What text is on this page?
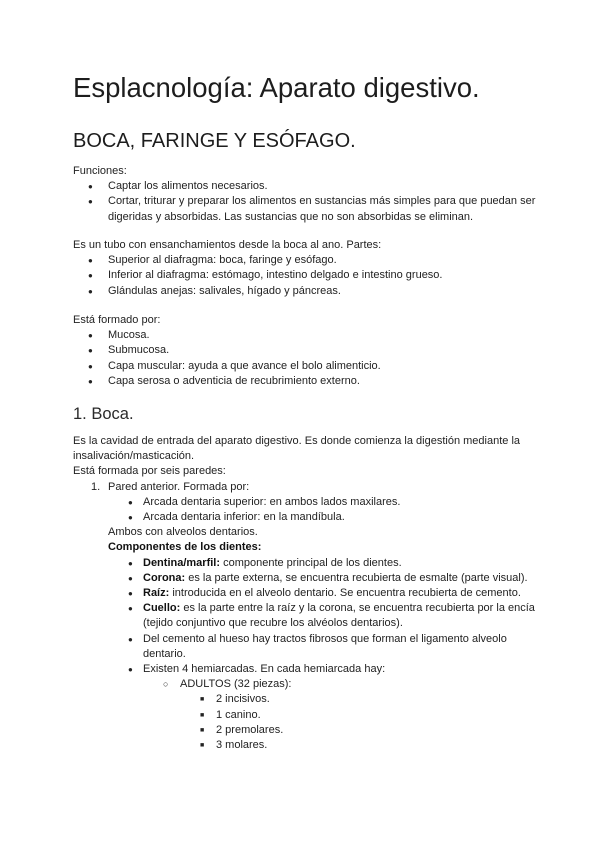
Esplacnología: Aparato digestivo.
BOCA, FARINGE Y ESÓFAGO.

Funciones:

● Captar los alimentos necesarios.
● Cortar, triturar y preparar los alimentos en sustancias más simples para que puedan ser digeridas y absorbidas. Las sustancias que no son absorbidas se eliminan.

Es un tubo con ensanchamientos desde la boca al ano. Partes:

● Superior al diafragma: boca, faringe y esófago.
● Inferior al diafragma: estómago, intestino delgado e intestino grueso.
● Glándulas anejas: salivales, hígado y páncreas.

Está formado por:

● Mucosa.
● Submucosa.
● Capa muscular: ayuda a que avance el bolo alimenticio.
● Capa serosa o adventicia de recubrimiento externo.
1. Boca.

Es la cavidad de entrada del aparato digestivo. Es donde comienza la digestión mediante la insalivación/masticación.

Está formada por seis paredes:

1. Pared anterior. Formada por:
● Arcada dentaria superior: en ambos lados maxilares.
● Arcada dentaria inferior: en la mandíbula.

Ambos con alveolos dentarios.

Componentes de los dientes:

● Dentina/marfil: componente principal de los dientes.
● Corona: es la parte externa, se encuentra recubierta de esmalte (parte visual).
● Raíz: introducida en el alveolo dentario. Se encuentra recubierta de cemento.
● Cuello: es la parte entre la raíz y la corona, se encuentra recubierta por la encía (tejido conjuntivo que recubre los alvéolos dentarios).
● Del cemento al hueso hay tractos fibrosos que forman el ligamento alveolo dentario.
● Existen 4 hemiarcadas. En cada hemiarcada hay:
○ ADULTOS (32 piezas):
■ 2 incisivos.
■ 1 canino.
■ 2 premolares.
■ 3 molares.
